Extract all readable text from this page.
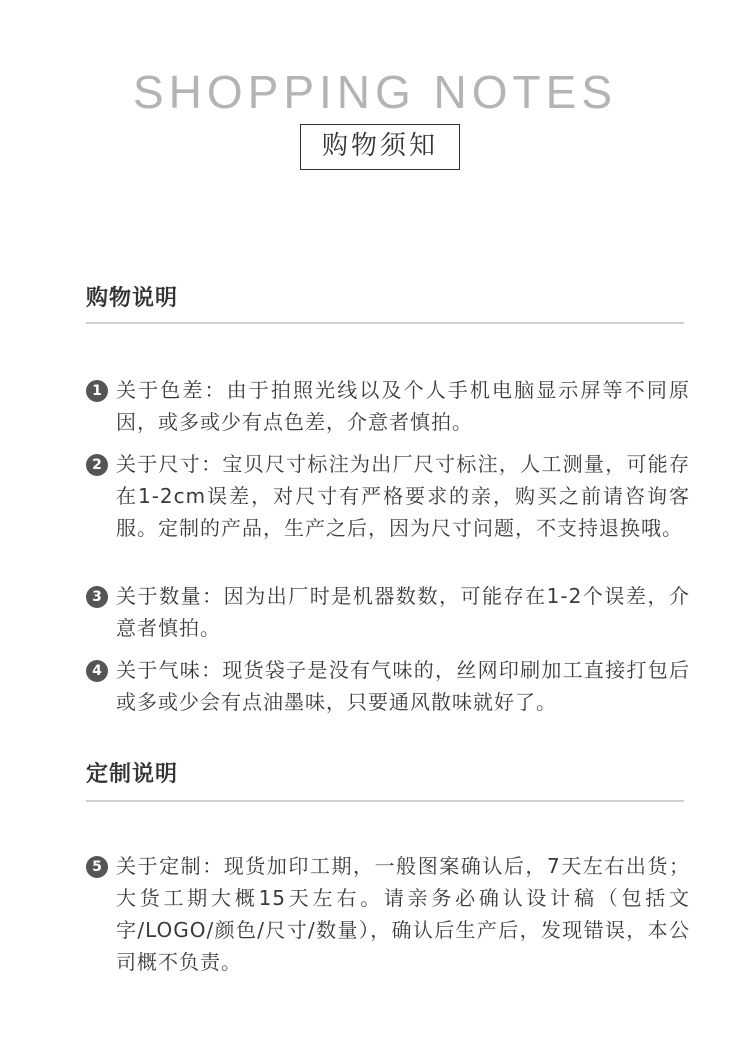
SHOPPING NOTES
购物须知
购物说明
1 关于色差：由于拍照光线以及个人手机电脑显示屏等不同原因，或多或少有点色差，介意者慎拍。
2 关于尺寸：宝贝尺寸标注为出厂尺寸标注，人工测量，可能存在1-2cm误差，对尺寸有严格要求的亲，购买之前请咨询客服。定制的产品，生产之后，因为尺寸问题，不支持退换哦。
3 关于数量：因为出厂时是机器数数，可能存在1-2个误差，介意者慎拍。
4 关于气味：现货袋子是没有气味的，丝网印刷加工直接打包后或多或少会有点油墨味，只要通风散味就好了。
定制说明
5 关于定制：现货加印工期，一般图案确认后，7天左右出货；大货工期大概15天左右。请亲务必确认设计稿（包括文字/LOGO/颜色/尺寸/数量），确认后生产后，发现错误，本公司概不负责。
